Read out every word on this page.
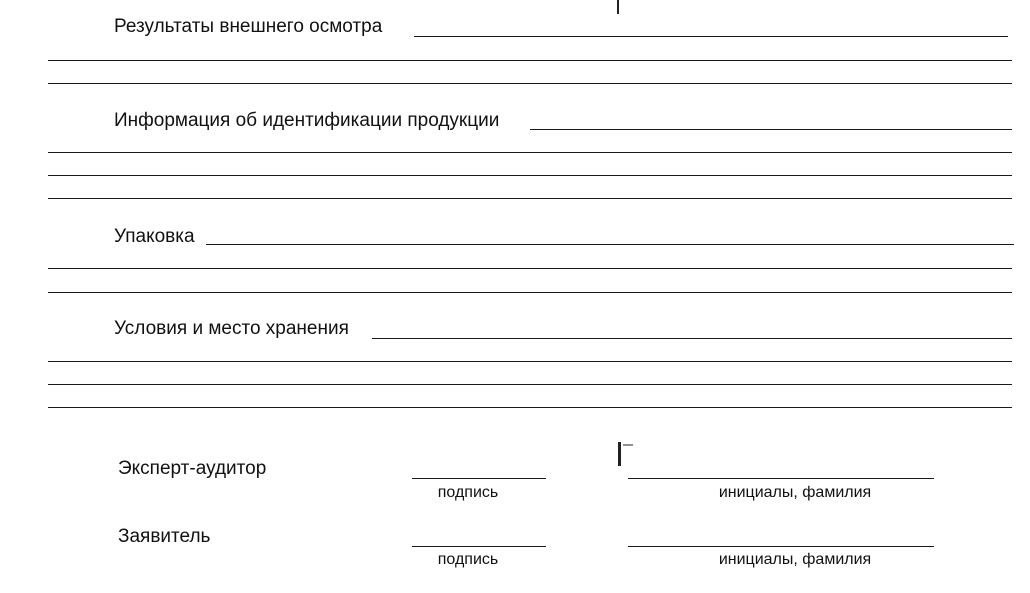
Результаты внешнего осмотра
Информация об идентификации продукции
Упаковка
Условия и место хранения
Эксперт-аудитор
подпись	инициалы, фамилия
Заявитель
подпись	инициалы, фамилия
